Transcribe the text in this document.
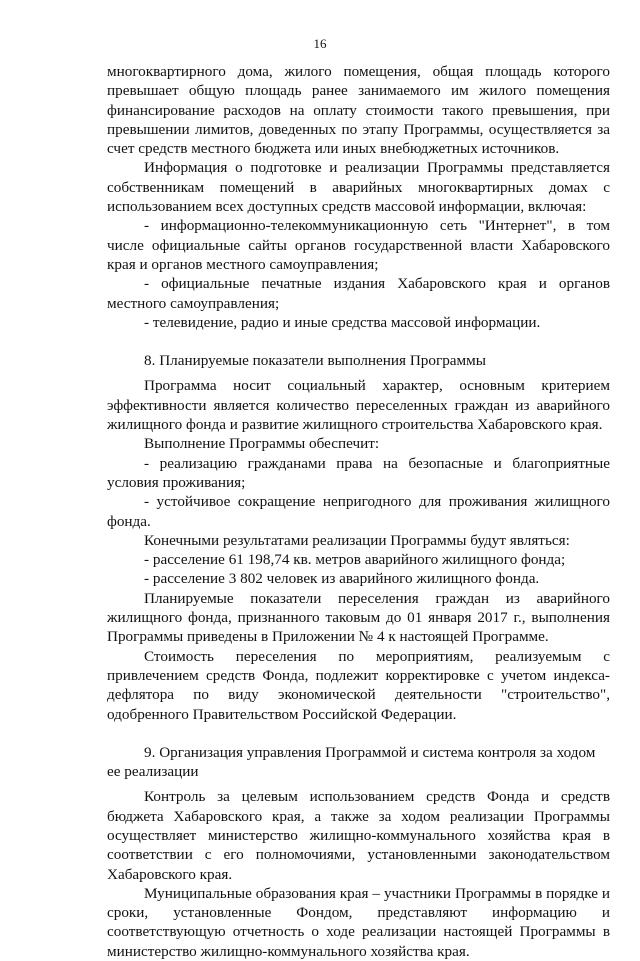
16

многоквартирного дома, жилого помещения, общая площадь которого превышает общую площадь ранее занимаемого им жилого помещения финансирование расходов на оплату стоимости такого превышения, при превышении лимитов, доведенных по этапу Программы, осуществляется за счет средств местного бюджета или иных внебюджетных источников.

Информация о подготовке и реализации Программы представляется собственникам помещений в аварийных многоквартирных домах с использованием всех доступных средств массовой информации, включая:

- информационно-телекоммуникационную сеть "Интернет", в том числе официальные сайты органов государственной власти Хабаровского края и органов местного самоуправления;

- официальные печатные издания Хабаровского края и органов местного самоуправления;

- телевидение, радио и иные средства массовой информации.

8. Планируемые показатели выполнения Программы

Программа носит социальный характер, основным критерием эффективности является количество переселенных граждан из аварийного жилищного фонда и развитие жилищного строительства Хабаровского края.

Выполнение Программы обеспечит:

- реализацию гражданами права на безопасные и благоприятные условия проживания;

- устойчивое сокращение непригодного для проживания жилищного фонда.

Конечными результатами реализации Программы будут являться:

- расселение 61 198,74 кв. метров аварийного жилищного фонда;

- расселение 3 802 человек из аварийного жилищного фонда.

Планируемые показатели переселения граждан из аварийного жилищного фонда, признанного таковым до 01 января 2017 г., выполнения Программы приведены в Приложении № 4 к настоящей Программе.

Стоимость переселения по мероприятиям, реализуемым с привлечением средств Фонда, подлежит корректировке с учетом индекса-дефлятора по виду экономической деятельности "строительство", одобренного Правительством Российской Федерации.

9. Организация управления Программой и система контроля за ходом ее реализации

Контроль за целевым использованием средств Фонда и средств бюджета Хабаровского края, а также за ходом реализации Программы осуществляет министерство жилищно-коммунального хозяйства края в соответствии с его полномочиями, установленными законодательством Хабаровского края.

Муниципальные образования края – участники Программы в порядке и сроки, установленные Фондом, представляют информацию и соответствующую отчетность о ходе реализации настоящей Программы в министерство жилищно-коммунального хозяйства края.
